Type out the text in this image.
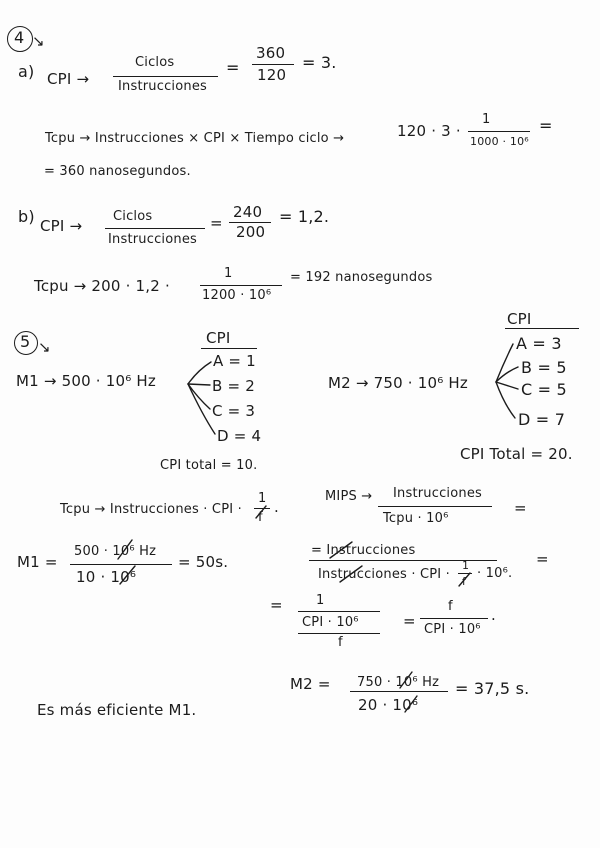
4 ↘
a) CPI →
Ciclos
Instrucciones
=
360
120
= 3.
Tcpu → Instrucciones × CPI × Tiempo ciclo →	120 · 3 ·
1
1000 · 10⁶
=
= 360 nanosegundos.
b) CPI →
Ciclos
Instrucciones
=
240
200
= 1,2.
Tcpu → 200 · 1,2 ·
1
1200 · 10⁶
= 192 nanosegundos
5 ↘
M1 → 500 · 10⁶ Hz
CPI
A = 1
B = 2
C = 3
D = 4
CPI total = 10.
M2 → 750 · 10⁶ Hz
CPI
A = 3
B = 5
C = 5
D = 7
CPI Total = 20.
Tcpu → Instrucciones · CPI ·
1
f
.
MIPS → Instrucciones
Tcpu · 10⁶
=
= Instrucciones
Instrucciones · CPI ·
1
f
· 10⁶.
=
=	1
CPI · 10⁶
f
=
f
CPI · 10⁶
.
M1 =
500 · 10⁶ Hz
10 · 10⁶
= 50s.
M2 = 750 · 10⁶ Hz
20 · 10⁶
= 37,5 s.
Es más eficiente M1.
